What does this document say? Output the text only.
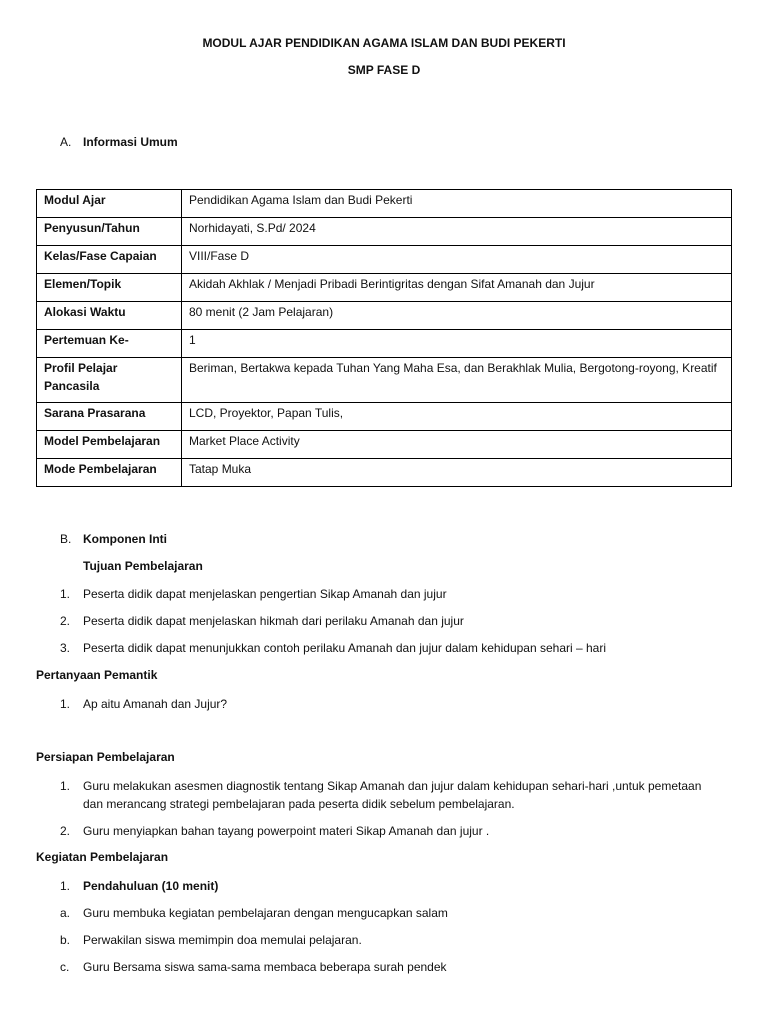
MODUL AJAR PENDIDIKAN AGAMA ISLAM DAN BUDI PEKERTI
SMP FASE D
A. Informasi Umum
Modul Ajar	Pendidikan Agama Islam dan Budi Pekerti
Penyusun/Tahun	Norhidayati, S.Pd/ 2024
Kelas/Fase Capaian	VIII/Fase D
Elemen/Topik	Akidah Akhlak / Menjadi Pribadi Berintigritas dengan Sifat Amanah dan Jujur
Alokasi Waktu	80 menit (2 Jam Pelajaran)
Pertemuan Ke-	1
Profil Pelajar Pancasila	Beriman, Bertakwa kepada Tuhan Yang Maha Esa, dan Berakhlak Mulia, Bergotong-royong, Kreatif
Sarana Prasarana	LCD, Proyektor, Papan Tulis,
Model Pembelajaran	Market Place Activity
Mode Pembelajaran	Tatap Muka
B. Komponen Inti
Tujuan Pembelajaran
1. Peserta didik dapat menjelaskan pengertian Sikap Amanah dan jujur
2. Peserta didik dapat menjelaskan hikmah dari perilaku Amanah dan jujur
3. Peserta didik dapat menunjukkan contoh perilaku Amanah dan jujur dalam kehidupan sehari – hari
Pertanyaan Pemantik
1. Ap aitu Amanah dan Jujur?
Persiapan Pembelajaran
1. Guru melakukan asesmen diagnostik tentang Sikap Amanah dan jujur dalam kehidupan sehari-hari ,untuk pemetaan dan merancang strategi pembelajaran pada peserta didik sebelum pembelajaran.
2. Guru menyiapkan bahan tayang powerpoint materi Sikap Amanah dan jujur .
Kegiatan Pembelajaran
1. Pendahuluan (10 menit)
a. Guru membuka kegiatan pembelajaran dengan mengucapkan salam
b. Perwakilan siswa memimpin doa memulai pelajaran.
c. Guru Bersama siswa sama-sama membaca beberapa surah pendek
